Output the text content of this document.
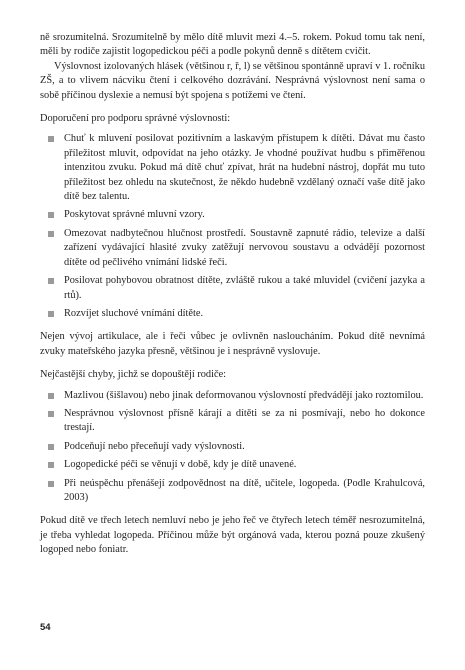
ně srozumitelná. Srozumitelně by mělo dítě mluvit mezi 4.–5. rokem. Pokud tomu tak není, měli by rodiče zajistit logopedickou péči a podle pokynů denně s dítětem cvičit.

Výslovnost izolovaných hlásek (většinou r, ř, l) se většinou spontánně upraví v 1. ročníku ZŠ, a to vlivem nácviku čtení i celkového dozrávání. Nesprávná výslovnost není sama o sobě příčinou dyslexie a nemusí být spojena s potížemi ve čtení.

Doporučení pro podporu správné výslovnosti:

Chuť k mluvení posilovat pozitivním a laskavým přístupem k dítěti. Dávat mu často příležitost mluvit, odpovídat na jeho otázky. Je vhodné používat hudbu s přiměřenou intenzitou zvuku. Pokud má dítě chuť zpívat, hrát na hudební nástroj, dopřát mu tuto příležitost bez ohledu na skutečnost, že někdo hudebně vzdělaný označí vaše dítě jako dítě bez talentu.
Poskytovat správné mluvní vzory.
Omezovat nadbytečnou hlučnost prostředí. Soustavně zapnuté rádio, televize a další zařízení vydávající hlasité zvuky zatěžují nervovou soustavu a odvádějí pozornost dítěte od pečlivého vnímání lidské řeči.
Posilovat pohybovou obratnost dítěte, zvláště rukou a také mluvidel (cvičení jazyka a rtů).
Rozvíjet sluchové vnímání dítěte.

Nejen vývoj artikulace, ale i řeči vůbec je ovlivněn nasloucháním. Pokud dítě nevnímá zvuky mateřského jazyka přesně, většinou je i nesprávně vyslovuje.

Nejčastější chyby, jichž se dopouštějí rodiče:

Mazlivou (šišlavou) nebo jinak deformovanou výslovností předvádějí jako roztomilou.
Nesprávnou výslovnost přísně kárají a dítěti se za ni posmívají, nebo ho dokonce trestají.
Podceňují nebo přeceňují vady výslovnosti.
Logopedické péči se věnují v době, kdy je dítě unavené.
Při neúspěchu přenášejí zodpovědnost na dítě, učitele, logopeda. (Podle Krahulcová, 2003)

Pokud dítě ve třech letech nemluví nebo je jeho řeč ve čtyřech letech téměř nesrozumitelná, je třeba vyhledat logopeda. Příčinou může být orgánová vada, kterou pozná pouze zkušený logoped nebo foniatr.

54
